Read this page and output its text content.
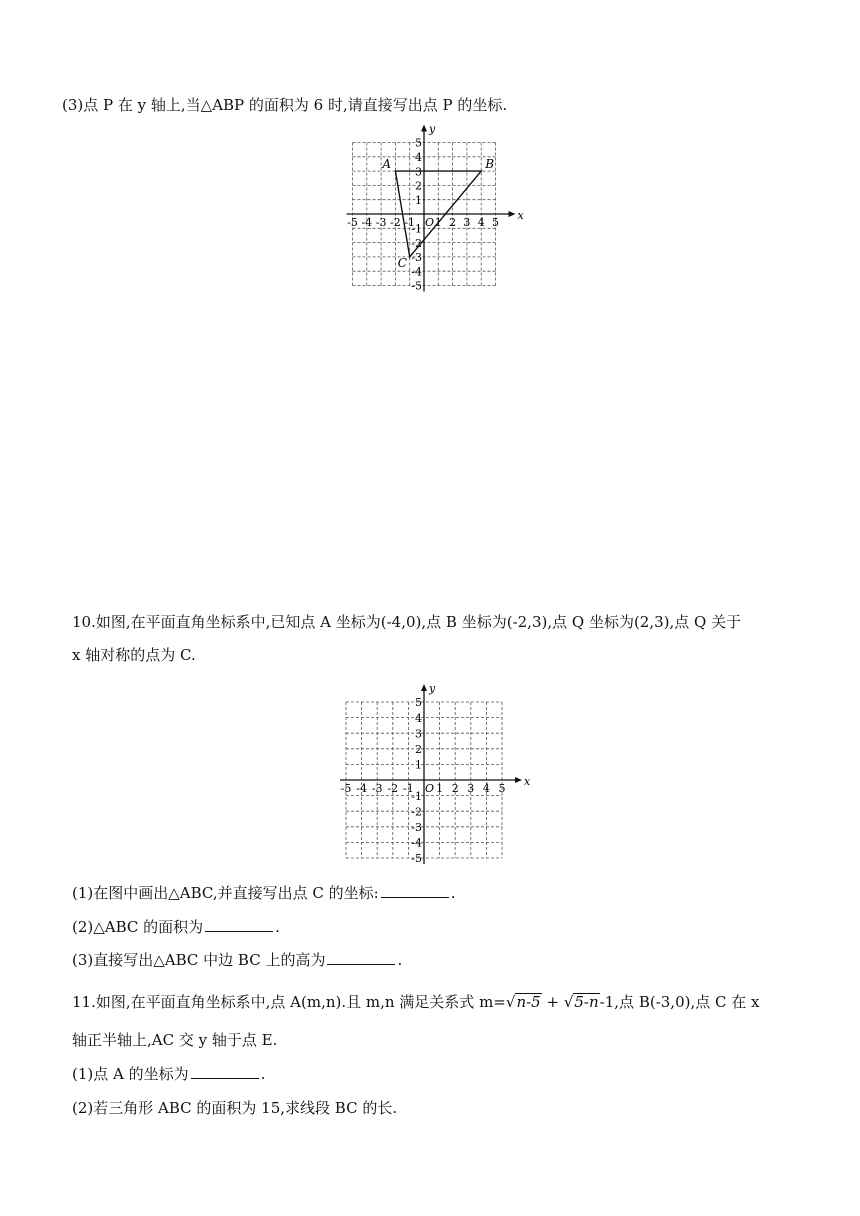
(3)点 P 在 y 轴上,当△ABP 的面积为 6 时,请直接写出点 P 的坐标.
x
y
O
-5 -4 -3 -2 -1 1 2 3 4 5
5
4
3
2
1
-1
-2
-3
-4
-5
A	B
C
10.如图,在平面直角坐标系中,已知点 A 坐标为(-4,0),点 B 坐标为(-2,3),点 Q 坐标为(2,3),点 Q 关于
x 轴对称的点为 C.
x
y
O
-5 -4 -3 -2 -1 1 2 3 4 5
5
4
3
2
1
-1
-2
-3
-4
-5
(1)在图中画出△ABC,并直接写出点 C 的坐标:	.
(2)△ABC 的面积为	.
(3)直接写出△ABC 中边 BC 上的高为	.
11.如图,在平面直角坐标系中,点 A(m,n).且 m,n 满足关系式 m=√n-5 + √5-n-1,点 B(-3,0),点 C 在 x
轴正半轴上,AC 交 y 轴于点 E.
(1)点 A 的坐标为	.
(2)若三角形 ABC 的面积为 15,求线段 BC 的长.
